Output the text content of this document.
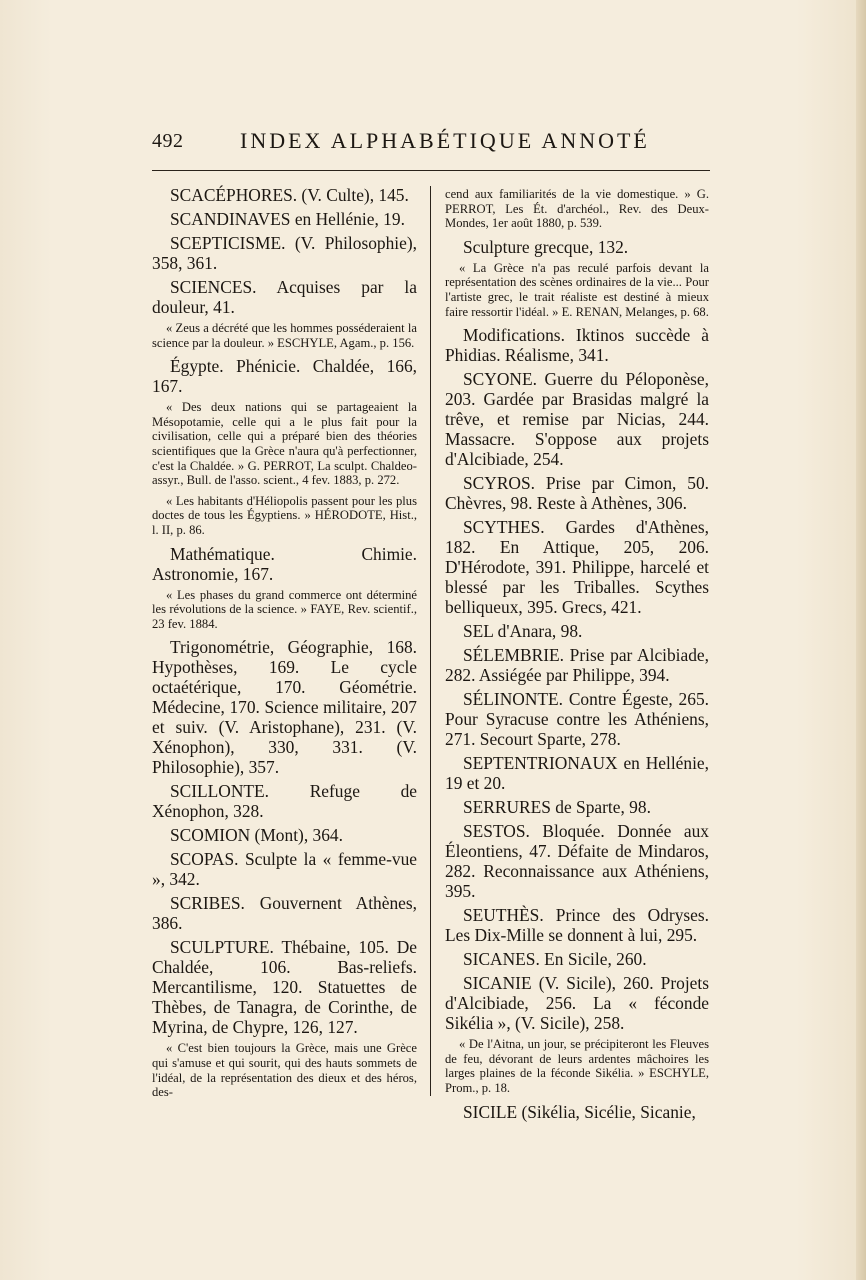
492	INDEX ALPHABÉTIQUE ANNOTÉ

SCACÉPHORES. (V. Culte), 145.

SCANDINAVES en Hellénie, 19.

SCEPTICISME. (V. Philosophie), 358, 361.

SCIENCES. Acquises par la douleur, 41.

« Zeus a décrété que les hommes posséderaient la science par la douleur. » ESCHYLE, Agam., p. 156.

Égypte. Phénicie. Chaldée, 166, 167.

« Des deux nations qui se partageaient la Mésopotamie, celle qui a le plus fait pour la civilisation, celle qui a préparé bien des théories scientifiques que la Grèce n'aura qu'à perfectionner, c'est la Chaldée. » G. PERROT, La sculpt. Chaldeo-assyr., Bull. de l'asso. scient., 4 fev. 1883, p. 272.

« Les habitants d'Héliopolis passent pour les plus doctes de tous les Égyptiens. » HÉRODOTE, Hist., l. II, p. 86.

Mathématique. Chimie. Astronomie, 167.

« Les phases du grand commerce ont déterminé les révolutions de la science. » FAYE, Rev. scientif., 23 fev. 1884.

Trigonométrie, Géographie, 168. Hypothèses, 169. Le cycle octaétérique, 170. Géométrie. Médecine, 170. Science militaire, 207 et suiv. (V. Aristophane), 231. (V. Xénophon), 330, 331. (V. Philosophie), 357.

SCILLONTE. Refuge de Xénophon, 328.

SCOMION (Mont), 364.

SCOPAS. Sculpte la « femme-vue », 342.

SCRIBES. Gouvernent Athènes, 386.

SCULPTURE. Thébaine, 105. De Chaldée, 106. Bas-reliefs. Mercantilisme, 120. Statuettes de Thèbes, de Tanagra, de Corinthe, de Myrina, de Chypre, 126, 127.

« C'est bien toujours la Grèce, mais une Grèce qui s'amuse et qui sourit, qui des hauts sommets de l'idéal, de la représentation des dieux et des héros, des-

cend aux familiarités de la vie domestique. » G. PERROT, Les Ét. d'archéol., Rev. des Deux-Mondes, 1er août 1880, p. 539.

Sculpture grecque, 132.

« La Grèce n'a pas reculé parfois devant la représentation des scènes ordinaires de la vie... Pour l'artiste grec, le trait réaliste est destiné à mieux faire ressortir l'idéal. » E. RENAN, Melanges, p. 68.

Modifications. Iktinos succède à Phidias. Réalisme, 341.

SCYONE. Guerre du Péloponèse, 203. Gardée par Brasidas malgré la trêve, et remise par Nicias, 244. Massacre. S'oppose aux projets d'Alcibiade, 254.

SCYROS. Prise par Cimon, 50. Chèvres, 98. Reste à Athènes, 306.

SCYTHES. Gardes d'Athènes, 182. En Attique, 205, 206. D'Hérodote, 391. Philippe, harcelé et blessé par les Triballes. Scythes belliqueux, 395. Grecs, 421.

SEL d'Anara, 98.

SÉLEMBRIE. Prise par Alcibiade, 282. Assiégée par Philippe, 394.

SÉLINONTE. Contre Égeste, 265. Pour Syracuse contre les Athéniens, 271. Secourt Sparte, 278.

SEPTENTRIONAUX en Hellénie, 19 et 20.

SERRURES de Sparte, 98.

SESTOS. Bloquée. Donnée aux Éleontiens, 47. Défaite de Mindaros, 282. Reconnaissance aux Athéniens, 395.

SEUTHÈS. Prince des Odryses. Les Dix-Mille se donnent à lui, 295.

SICANES. En Sicile, 260.

SICANIE (V. Sicile), 260. Projets d'Alcibiade, 256. La « féconde Sikélia », (V. Sicile), 258.

« De l'Aitna, un jour, se précipiteront les Fleuves de feu, dévorant de leurs ardentes mâchoires les larges plaines de la féconde Sikélia. » ESCHYLE, Prom., p. 18.

SICILE (Sikélia, Sicélie, Sicanie,
